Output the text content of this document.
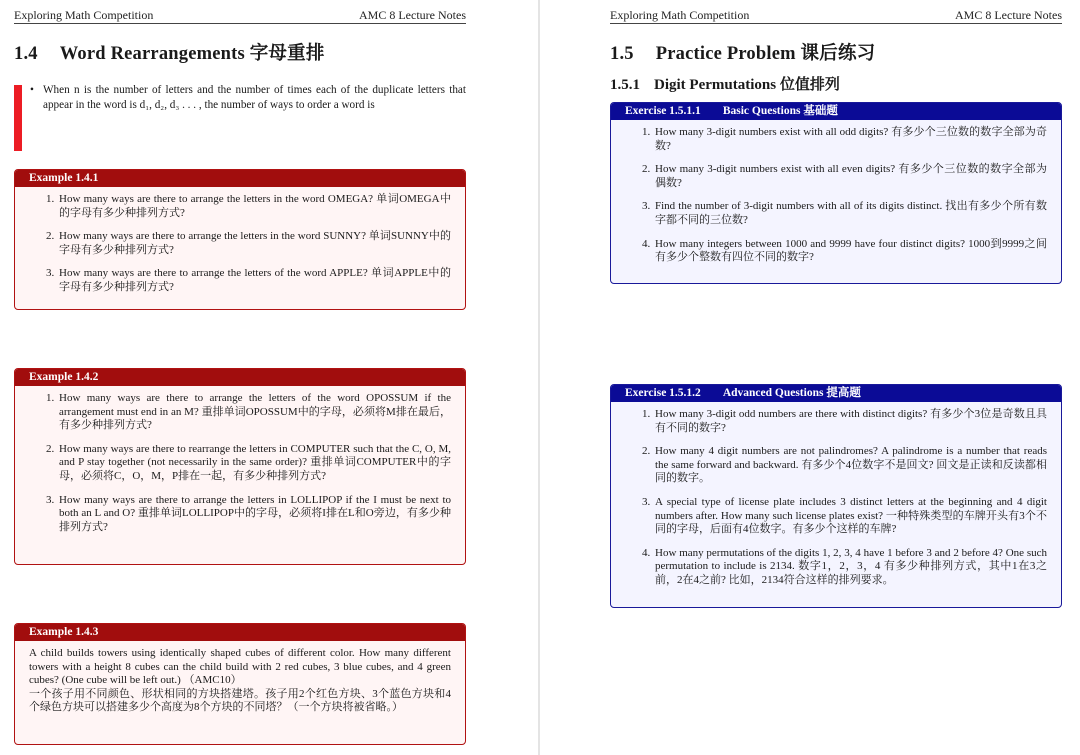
Exploring Math Competition	AMC 8 Lecture Notes
1.4 Word Rearrangements 字母重排
• When n is the number of letters and the number of times each of the duplicate letters that appear in the word is d₁, d₂, d₃ . . . , the number of ways to order a word is
Example 1.4.1
1. How many ways are there to arrange the letters in the word OMEGA? 单词OMEGA中的字母有多少种排列方式?
2. How many ways are there to arrange the letters in the word SUNNY? 单词SUNNY中的字母有多少种排列方式?
3. How many ways are there to arrange the letters of the word APPLE? 单词APPLE中的字母有多少种排列方式?
Example 1.4.2
1. How many ways are there to arrange the letters of the word OPOSSUM if the arrangement must end in an M? 重排单词OPOSSUM中的字母，必须将M排在最后，有多少种排列方式?
2. How many ways are there to rearrange the letters in COMPUTER such that the C, O, M, and P stay together (not necessarily in the same order)? 重排单词COMPUTER中的字母，必须将C，O，M，P排在一起，有多少种排列方式?
3. How many ways are there to arrange the letters in LOLLIPOP if the I must be next to both an L and O? 重排单词LOLLIPOP中的字母，必须将I排在L和O旁边，有多少种排列方式?
Example 1.4.3
A child builds towers using identically shaped cubes of different color. How many different towers with a height 8 cubes can the child build with 2 red cubes, 3 blue cubes, and 4 green cubes? (One cube will be left out.) （AMC10）
一个孩子用不同颜色、形状相同的方块搭建塔。孩子用2个红色方块、3个蓝色方块和4个绿色方块可以搭建多少个高度为8个方块的不同塔？（一个方块将被省略。）
Exploring Math Competition	AMC 8 Lecture Notes
1.5 Practice Problem 课后练习
1.5.1 Digit Permutations 位值排列
Exercise 1.5.1.1 Basic Questions 基础题
1. How many 3-digit numbers exist with all odd digits? 有多少个三位数的数字全部为奇数?
2. How many 3-digit numbers exist with all even digits? 有多少个三位数的数字全部为偶数?
3. Find the number of 3-digit numbers with all of its digits distinct. 找出有多少个所有数字都不同的三位数?
4. How many integers between 1000 and 9999 have four distinct digits? 1000到9999之间有多少个整数有四位不同的数字?
Exercise 1.5.1.2 Advanced Questions 提高题
1. How many 3-digit odd numbers are there with distinct digits? 有多少个3位是奇数且具有不同的数字?
2. How many 4 digit numbers are not palindromes? A palindrome is a number that reads the same forward and backward. 有多少个4位数字不是回文? 回文是正读和反读都相同的数字。
3. A special type of license plate includes 3 distinct letters at the beginning and 4 digit numbers after. How many such license plates exist? 一种特殊类型的车牌开头有3个不同的字母，后面有4位数字。有多少个这样的车牌?
4. How many permutations of the digits 1, 2, 3, 4 have 1 before 3 and 2 before 4? One such permutation to include is 2134. 数字1，2，3，4 有多少种排列方式，其中1在3之前，2在4之前? 比如，2134符合这样的排列要求。
